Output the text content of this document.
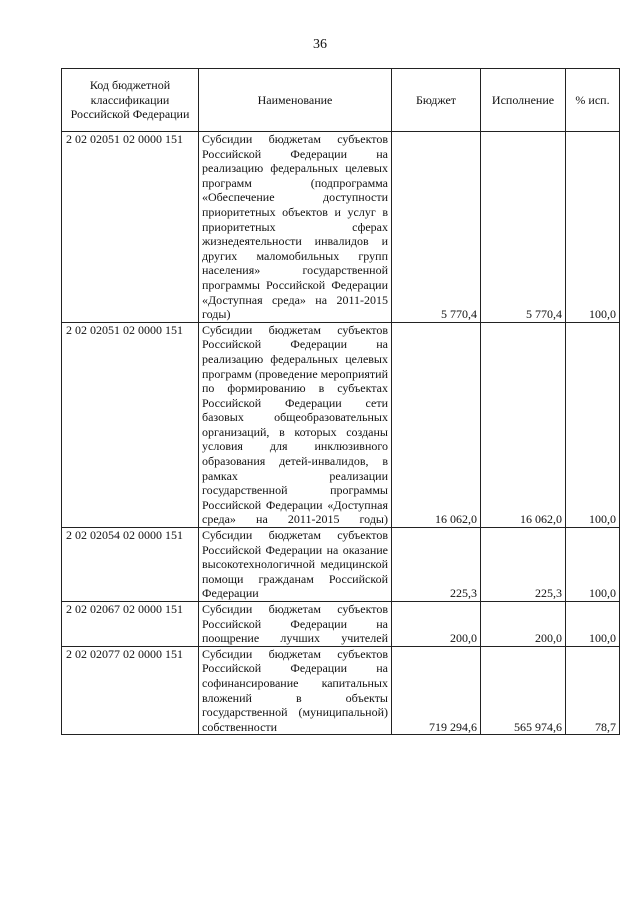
36
Код бюджетной классификации Российской Федерации	Наименование	Бюджет	Исполнение	% исп.
2 02 02051 02 0000 151	Субсидии бюджетам субъектов Российской Федерации на реализацию федеральных целевых программ (подпрограмма «Обеспечение доступности приоритетных объектов и услуг в приоритетных сферах жизнедеятельности инвалидов и других маломобильных групп населения» государственной программы Российской Федерации «Доступная среда» на 2011-2015 годы)	5 770,4	5 770,4	100,0
2 02 02051 02 0000 151	Субсидии бюджетам субъектов Российской Федерации на реализацию федеральных целевых программ (проведение мероприятий по формированию в субъектах Российской Федерации сети базовых общеобразовательных организаций, в которых созданы условия для инклюзивного образования детей-инвалидов, в рамках реализации государственной программы Российской Федерации «Доступная среда» на 2011-2015 годы)	16 062,0	16 062,0	100,0
2 02 02054 02 0000 151	Субсидии бюджетам субъектов Российской Федерации на оказание высокотехнологичной медицинской помощи гражданам Российской Федерации	225,3	225,3	100,0
2 02 02067 02 0000 151	Субсидии бюджетам субъектов Российской Федерации на поощрение лучших учителей	200,0	200,0	100,0
2 02 02077 02 0000 151	Субсидии бюджетам субъектов Российской Федерации на софинансирование капитальных вложений в объекты государственной (муниципальной) собственности	719 294,6	565 974,6	78,7
